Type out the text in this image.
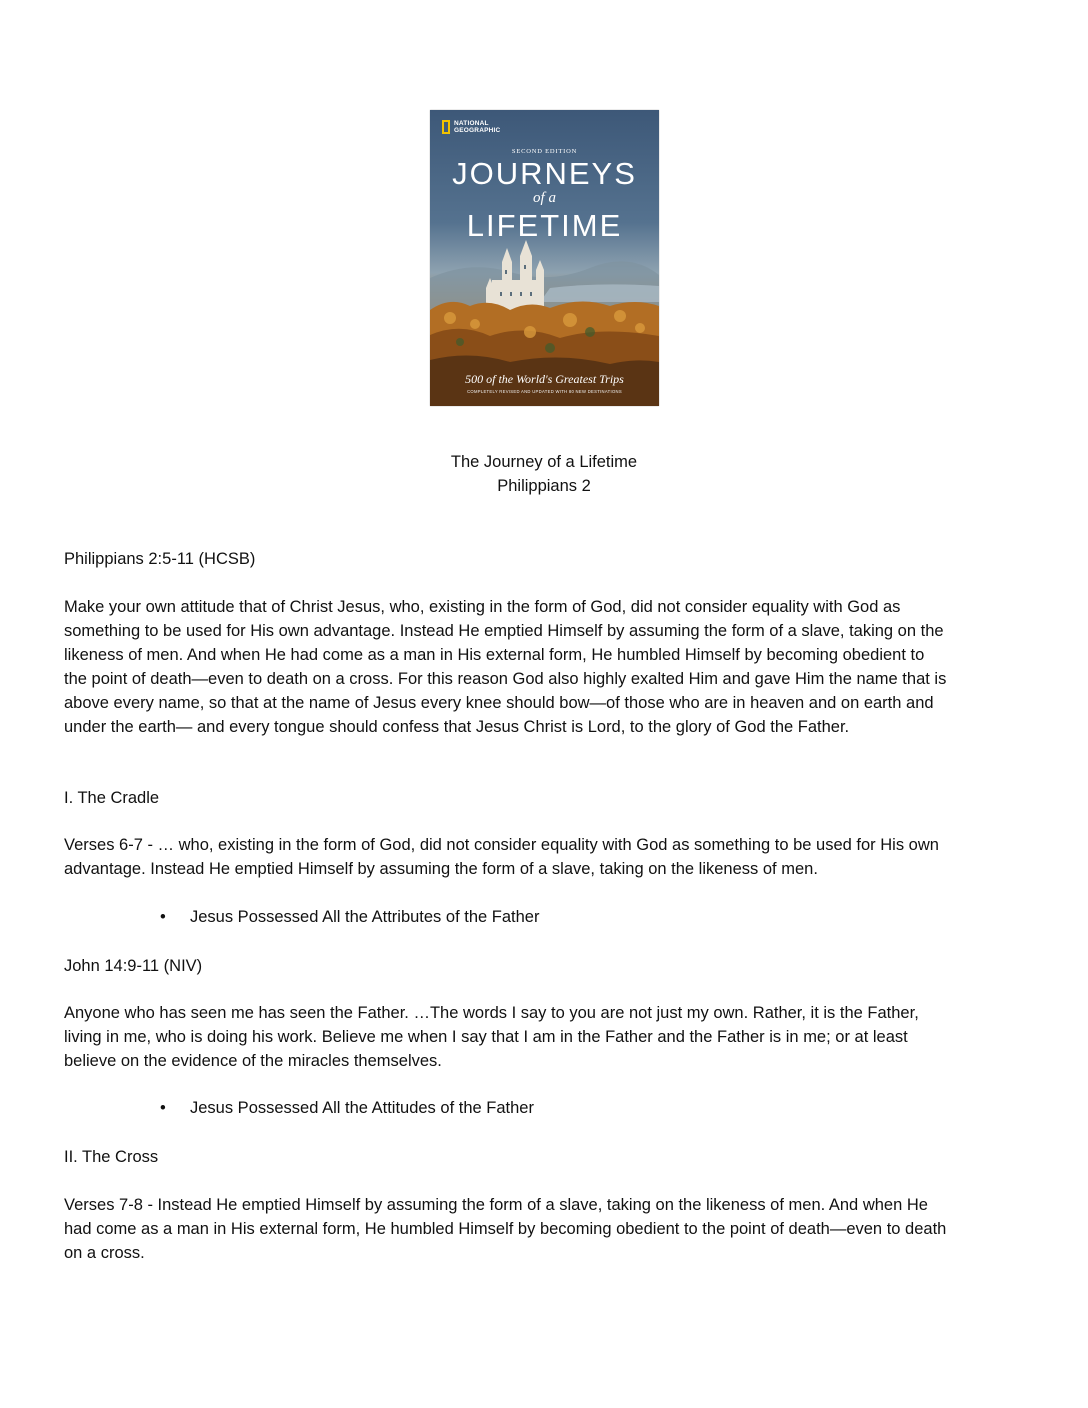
NATIONAL
GEOGRAPHIC
SECOND EDITION
JOURNEYS
of a
LIFETIME
500 of the World's Greatest Trips
COMPLETELY REVISED AND UPDATED WITH 80 NEW DESTINATIONS
The Journey of a Lifetime
Philippians 2
Philippians 2:5-11 (HCSB)
Make your own attitude that of Christ Jesus, who, existing in the form of God, did not consider equality with God as
something to be used for His own advantage. Instead He emptied Himself by assuming the form of a slave, taking on the
likeness of men. And when He had come as a man in His external form, He humbled Himself by becoming obedient to
the point of death—even to death on a cross. For this reason God also highly exalted Him and gave Him the name that is
above every name, so that at the name of Jesus every knee should bow—of those who are in heaven and on earth and
under the earth— and every tongue should confess that Jesus Christ is Lord, to the glory of God the Father.
I. The Cradle
Verses 6-7 - … who, existing in the form of God, did not consider equality with God as something to be used for His own
advantage. Instead He emptied Himself by assuming the form of a slave, taking on the likeness of men.
• Jesus Possessed All the Attributes of the Father
John 14:9-11 (NIV)
Anyone who has seen me has seen the Father. …The words I say to you are not just my own. Rather, it is the Father,
living in me, who is doing his work. Believe me when I say that I am in the Father and the Father is in me; or at least
believe on the evidence of the miracles themselves.
• Jesus Possessed All the Attitudes of the Father
II. The Cross
Verses 7-8 - Instead He emptied Himself by assuming the form of a slave, taking on the likeness of men. And when He
had come as a man in His external form, He humbled Himself by becoming obedient to the point of death—even to death
on a cross.
